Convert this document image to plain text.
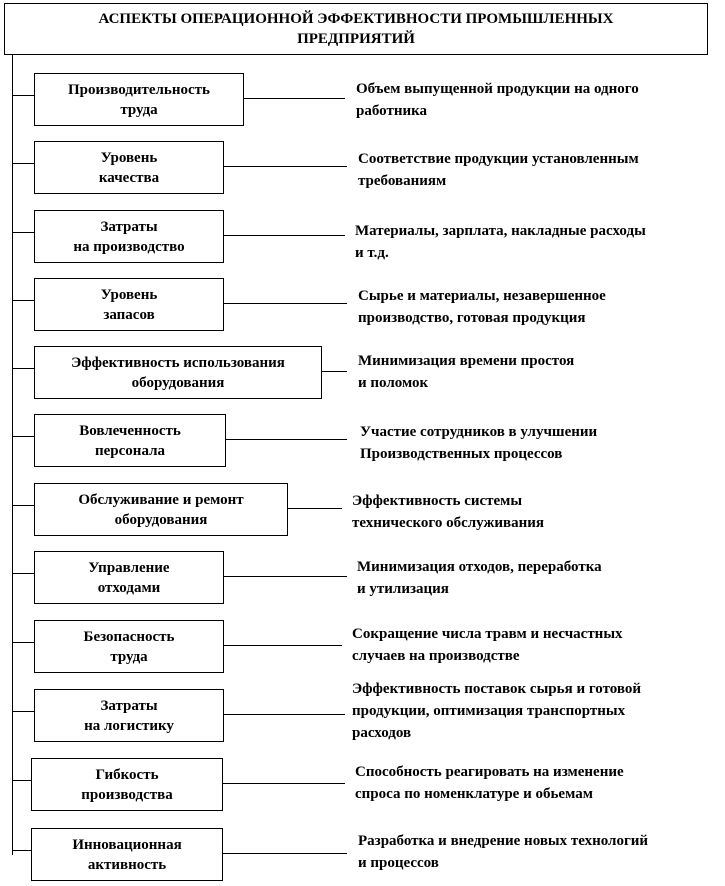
АСПЕКТЫ ОПЕРАЦИОННОЙ ЭФФЕКТИВНОСТИ ПРОМЫШЛЕННЫХ
ПРЕДПРИЯТИЙ
Производительность
труда
Объем выпущенной продукции на одного
работника
Уровень
качества
Соответствие продукции установленным
требованиям
Затраты
на производство
Материалы, зарплата, накладные расходы
и т.д.
Уровень
запасов
Сырье и материалы, незавершенное
производство, готовая продукция
Эффективность использования
оборудования
Минимизация времени простоя
и поломок
Вовлеченность
персонала
Участие сотрудников в улучшении
Производственных процессов
Обслуживание и ремонт
оборудования
Эффективность системы
технического обслуживания
Управление
отходами
Минимизация отходов, переработка
и утилизация
Безопасность
труда
Сокращение числа травм и несчастных
случаев на производстве
Затраты
на логистику
Эффективность поставок сырья и готовой
продукции, оптимизация транспортных
расходов
Гибкость
производства
Способность реагировать на изменение
спроса по номенклатуре и обьемам
Инновационная
активность
Разработка и внедрение новых технологий
и процессов
